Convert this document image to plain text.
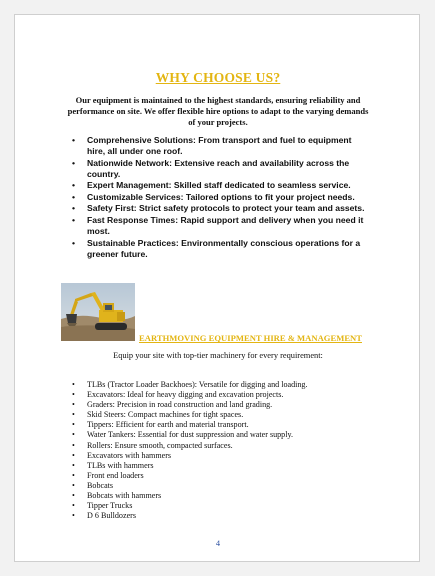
WHY CHOOSE US?
Our equipment is maintained to the highest standards, ensuring reliability and performance on site. We offer flexible hire options to adapt to the varying demands of your projects.
• Comprehensive Solutions: From transport and fuel to equipment hire, all under one roof.
• Nationwide Network: Extensive reach and availability across the country.
• Expert Management: Skilled staff dedicated to seamless service.
• Customizable Services: Tailored options to fit your project needs.
• Safety First: Strict safety protocols to protect your team and assets.
• Fast Response Times: Rapid support and delivery when you need it most.
• Sustainable Practices: Environmentally conscious operations for a greener future.
EARTHMOVING EQUIPMENT HIRE & MANAGEMENT
Equip your site with top-tier machinery for every requirement:
• TLBs (Tractor Loader Backhoes): Versatile for digging and loading.
• Excavators: Ideal for heavy digging and excavation projects.
• Graders: Precision in road construction and land grading.
• Skid Steers: Compact machines for tight spaces.
• Tippers: Efficient for earth and material transport.
• Water Tankers: Essential for dust suppression and water supply.
• Rollers: Ensure smooth, compacted surfaces.
• Excavators with hammers
• TLBs with hammers
• Front end loaders
• Bobcats
• Bobcats with hammers
• Tipper Trucks
• D 6 Bulldozers
4
